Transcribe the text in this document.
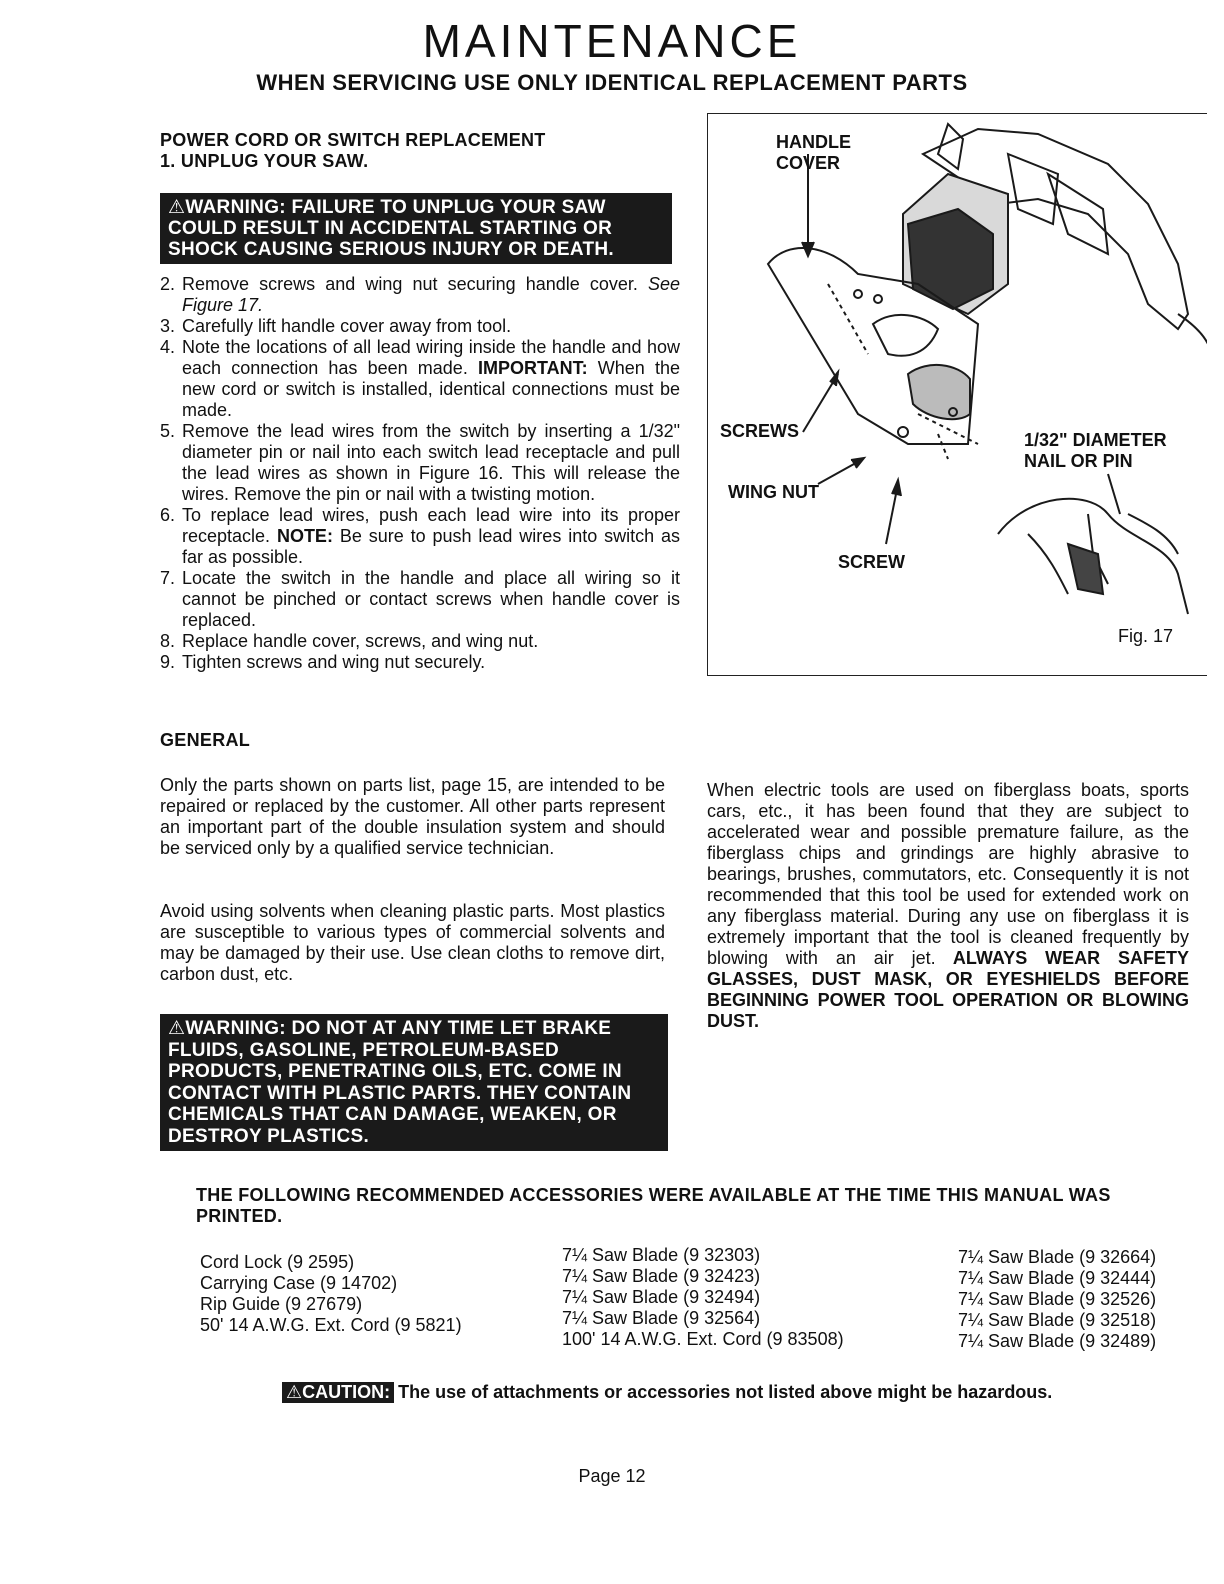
MAINTENANCE
WHEN SERVICING USE ONLY IDENTICAL REPLACEMENT PARTS
POWER CORD OR SWITCH REPLACEMENT
1. UNPLUG YOUR SAW.
⚠WARNING: FAILURE TO UNPLUG YOUR SAW COULD RESULT IN ACCIDENTAL STARTING OR SHOCK CAUSING SERIOUS INJURY OR DEATH.
2. Remove screws and wing nut securing handle cover. See Figure 17.
3. Carefully lift handle cover away from tool.
4. Note the locations of all lead wiring inside the handle and how each connection has been made. IMPORTANT: When the new cord or switch is installed, identical connections must be made.
5. Remove the lead wires from the switch by inserting a 1/32" diameter pin or nail into each switch lead receptacle and pull the lead wires as shown in Figure 16. This will release the wires. Remove the pin or nail with a twisting motion.
6. To replace lead wires, push each lead wire into its proper receptacle. NOTE: Be sure to push lead wires into switch as far as possible.
7. Locate the switch in the handle and place all wiring so it cannot be pinched or contact screws when handle cover is replaced.
8. Replace handle cover, screws, and wing nut.
9. Tighten screws and wing nut securely.
HANDLE
COVER
SCREWS
WING NUT
SCREW
1/32" DIAMETER
NAIL OR PIN
Fig. 17
GENERAL
Only the parts shown on parts list, page 15, are intended to be repaired or replaced by the customer. All other parts represent an important part of the double insulation system and should be serviced only by a qualified service technician.
Avoid using solvents when cleaning plastic parts. Most plastics are susceptible to various types of commercial solvents and may be damaged by their use. Use clean cloths to remove dirt, carbon dust, etc.
⚠WARNING: DO NOT AT ANY TIME LET BRAKE FLUIDS, GASOLINE, PETROLEUM-BASED PRODUCTS, PENETRATING OILS, ETC. COME IN CONTACT WITH PLASTIC PARTS. THEY CONTAIN CHEMICALS THAT CAN DAMAGE, WEAKEN, OR DESTROY PLASTICS.
When electric tools are used on fiberglass boats, sports cars, etc., it has been found that they are subject to accelerated wear and possible premature failure, as the fiberglass chips and grindings are highly abrasive to bearings, brushes, commutators, etc. Consequently it is not recommended that this tool be used for extended work on any fiberglass material. During any use on fiberglass it is extremely important that the tool is cleaned frequently by blowing with an air jet. ALWAYS WEAR SAFETY GLASSES, DUST MASK, OR EYESHIELDS BEFORE BEGINNING POWER TOOL OPERATION OR BLOWING DUST.
THE FOLLOWING RECOMMENDED ACCESSORIES WERE AVAILABLE AT THE TIME THIS MANUAL WAS PRINTED.
Cord Lock (9 2595)
Carrying Case (9 14702)
Rip Guide (9 27679)
50' 14 A.W.G. Ext. Cord (9 5821)
7¼ Saw Blade (9 32303)
7¼ Saw Blade (9 32423)
7¼ Saw Blade (9 32494)
7¼ Saw Blade (9 32564)
100' 14 A.W.G. Ext. Cord (9 83508)
7¼ Saw Blade (9 32664)
7¼ Saw Blade (9 32444)
7¼ Saw Blade (9 32526)
7¼ Saw Blade (9 32518)
7¼ Saw Blade (9 32489)
⚠CAUTION: The use of attachments or accessories not listed above might be hazardous.
Page 12
